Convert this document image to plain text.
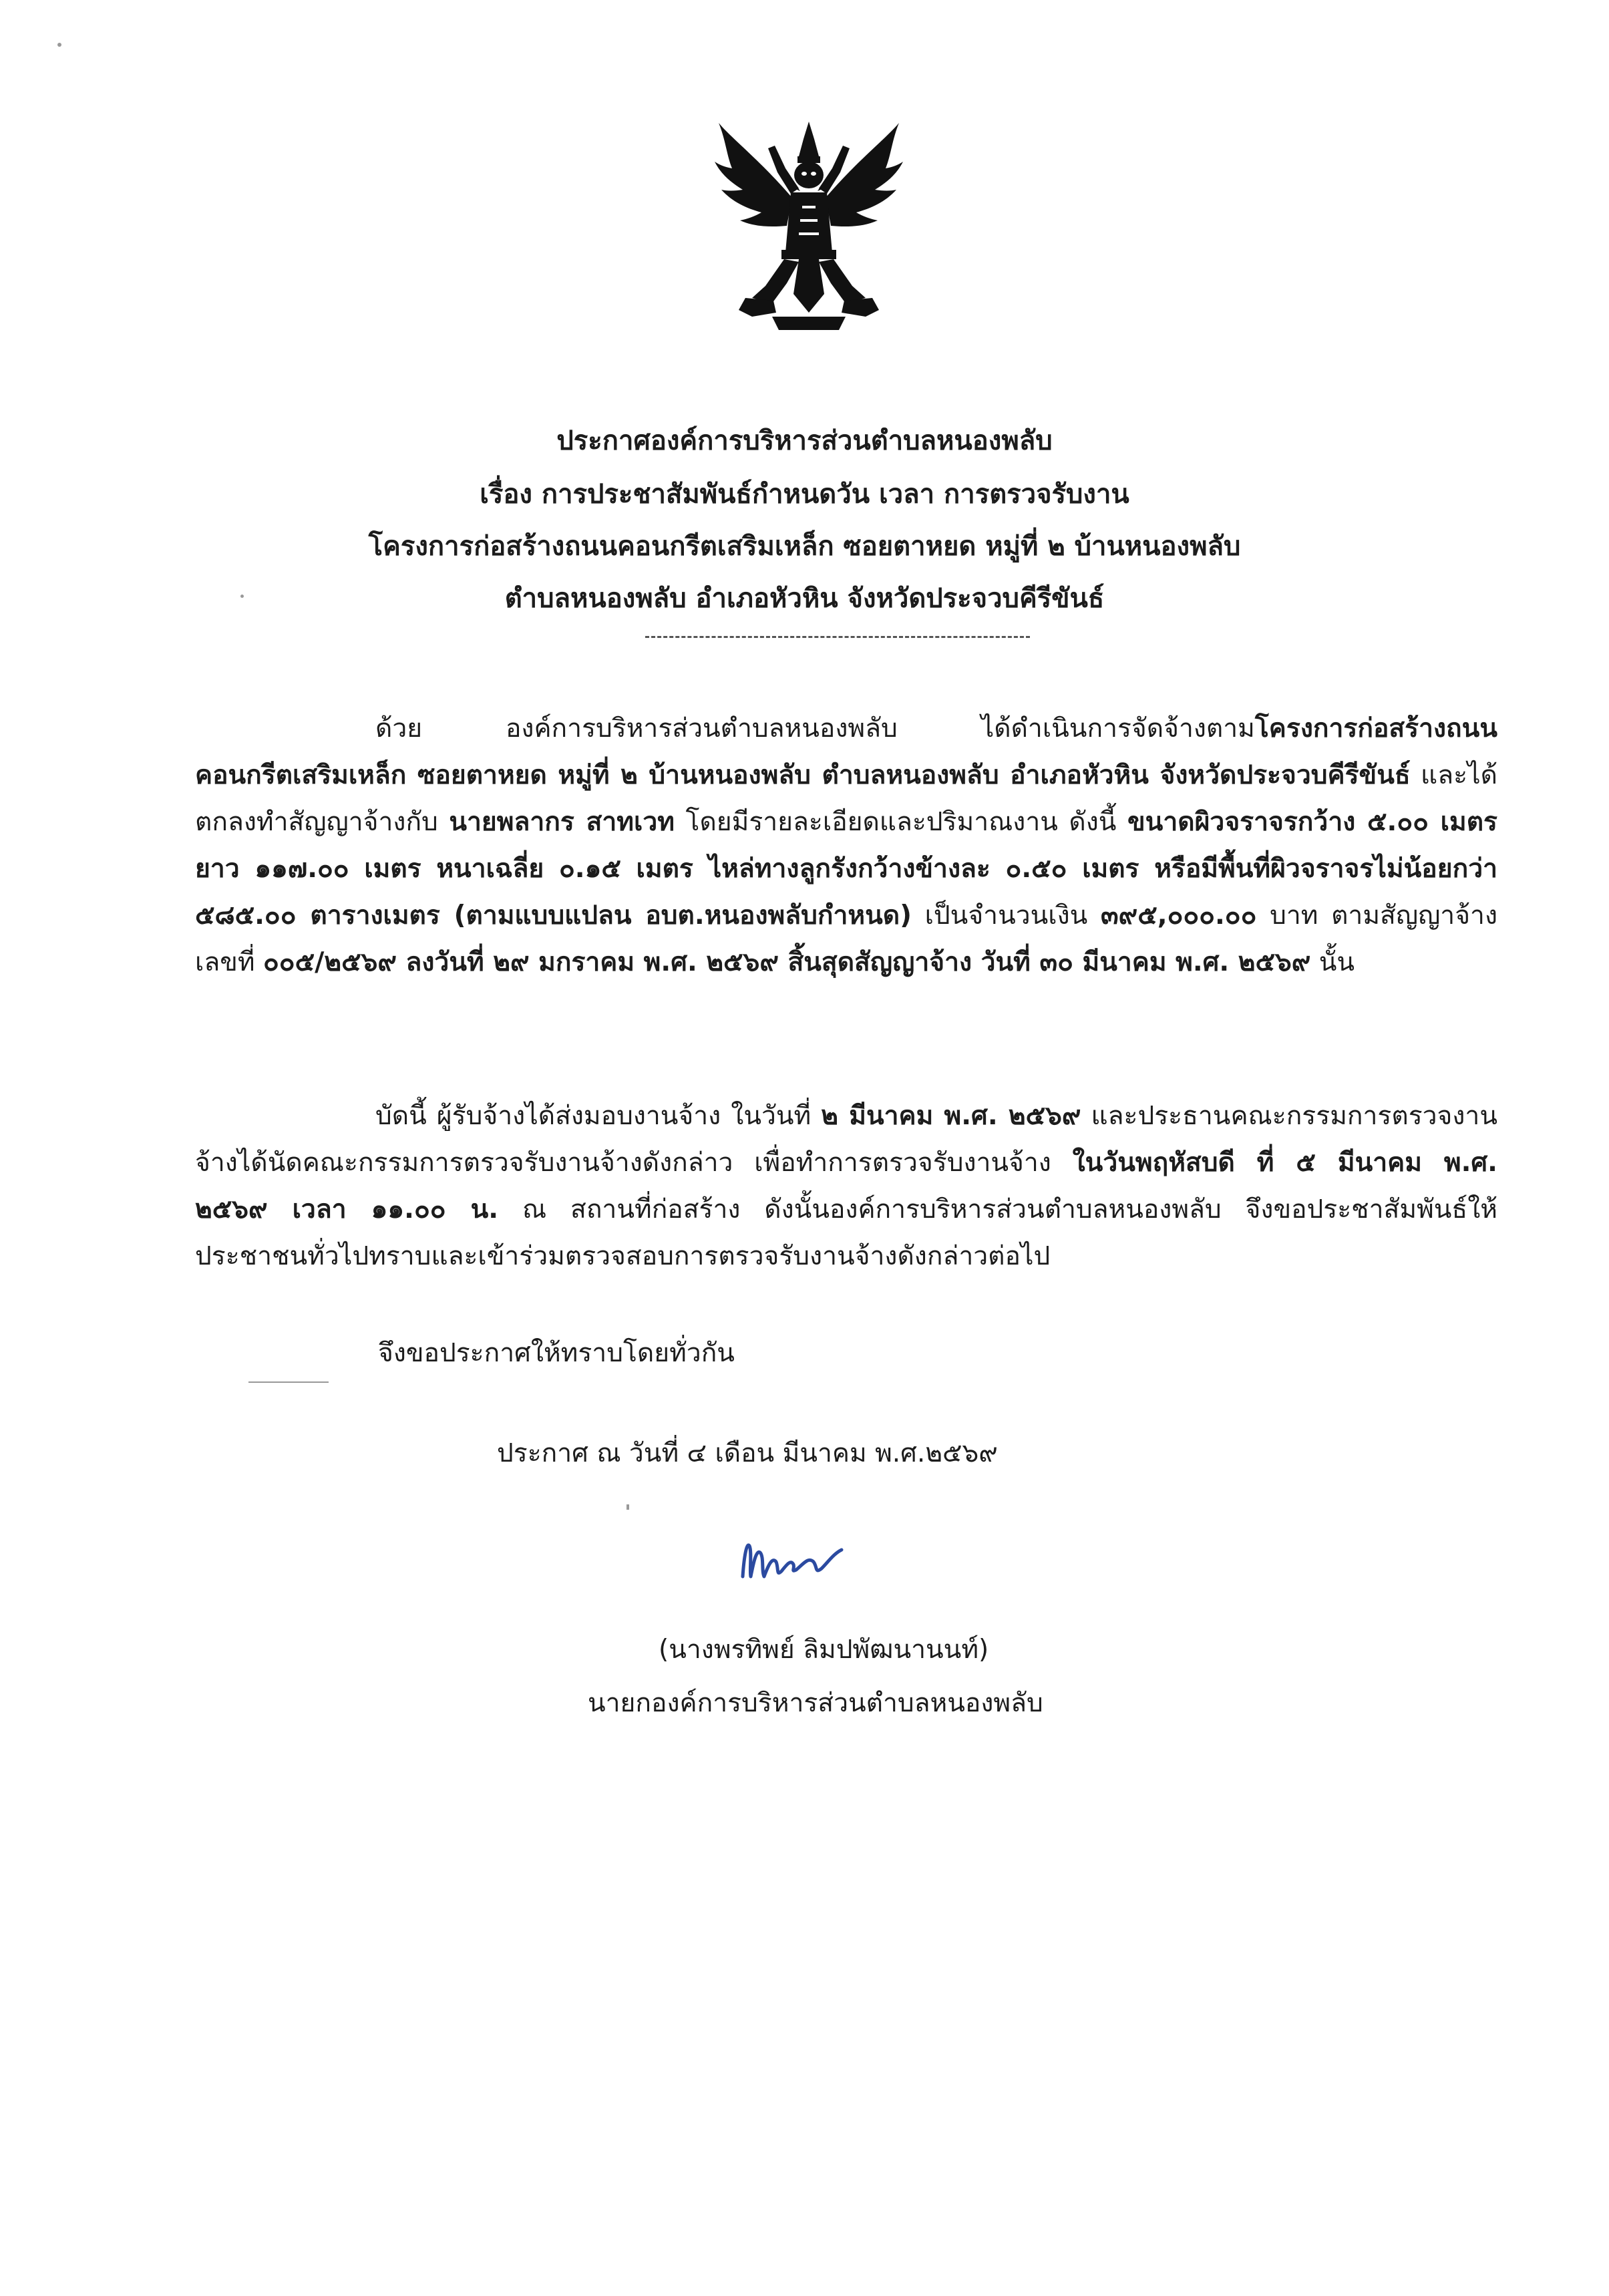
ประกาศองค์การบริหารส่วนตำบลหนองพลับ
เรื่อง การประชาสัมพันธ์กำหนดวัน เวลา การตรวจรับงาน
โครงการก่อสร้างถนนคอนกรีตเสริมเหล็ก ซอยตาหยด หมู่ที่ ๒ บ้านหนองพลับ
ตำบลหนองพลับ อำเภอหัวหิน จังหวัดประจวบคีรีขันธ์
ด้วย องค์การบริหารส่วนตำบลหนองพลับ ได้ดำเนินการจัดจ้างตามโครงการก่อสร้างถนนคอนกรีตเสริมเหล็ก ซอยตาหยด หมู่ที่ ๒ บ้านหนองพลับ ตำบลหนองพลับ อำเภอหัวหิน จังหวัดประจวบคีรีขันธ์ และได้ตกลงทำสัญญาจ้างกับ นายพลากร สาทเวท โดยมีรายละเอียดและปริมาณงาน ดังนี้ ขนาดผิวจราจรกว้าง ๕.๐๐ เมตร ยาว ๑๑๗.๐๐ เมตร หนาเฉลี่ย ๐.๑๕ เมตร ไหล่ทางลูกรังกว้างข้างละ ๐.๕๐ เมตร หรือมีพื้นที่ผิวจราจรไม่น้อยกว่า ๕๘๕.๐๐ ตารางเมตร (ตามแบบแปลน อบต.หนองพลับกำหนด) เป็นจำนวนเงิน ๓๙๕,๐๐๐.๐๐ บาท ตามสัญญาจ้างเลขที่ ๐๐๕/๒๕๖๙ ลงวันที่ ๒๙ มกราคม พ.ศ. ๒๕๖๙ สิ้นสุดสัญญาจ้าง วันที่ ๓๐ มีนาคม พ.ศ. ๒๕๖๙ นั้น
บัดนี้ ผู้รับจ้างได้ส่งมอบงานจ้าง ในวันที่ ๒ มีนาคม พ.ศ. ๒๕๖๙ และประธานคณะกรรมการตรวจงานจ้างได้นัดคณะกรรมการตรวจรับงานจ้างดังกล่าว เพื่อทำการตรวจรับงานจ้าง ในวันพฤหัสบดี ที่ ๕ มีนาคม พ.ศ. ๒๕๖๙ เวลา ๑๑.๐๐ น. ณ สถานที่ก่อสร้าง ดังนั้นองค์การบริหารส่วนตำบลหนองพลับ จึงขอประชาสัมพันธ์ให้ประชาชนทั่วไปทราบและเข้าร่วมตรวจสอบการตรวจรับงานจ้างดังกล่าวต่อไป
จึงขอประกาศให้ทราบโดยทั่วกัน
ประกาศ ณ วันที่ ๔ เดือน มีนาคม พ.ศ.๒๕๖๙
(นางพรทิพย์ ลิมปพัฒนานนท์)
นายกองค์การบริหารส่วนตำบลหนองพลับ
